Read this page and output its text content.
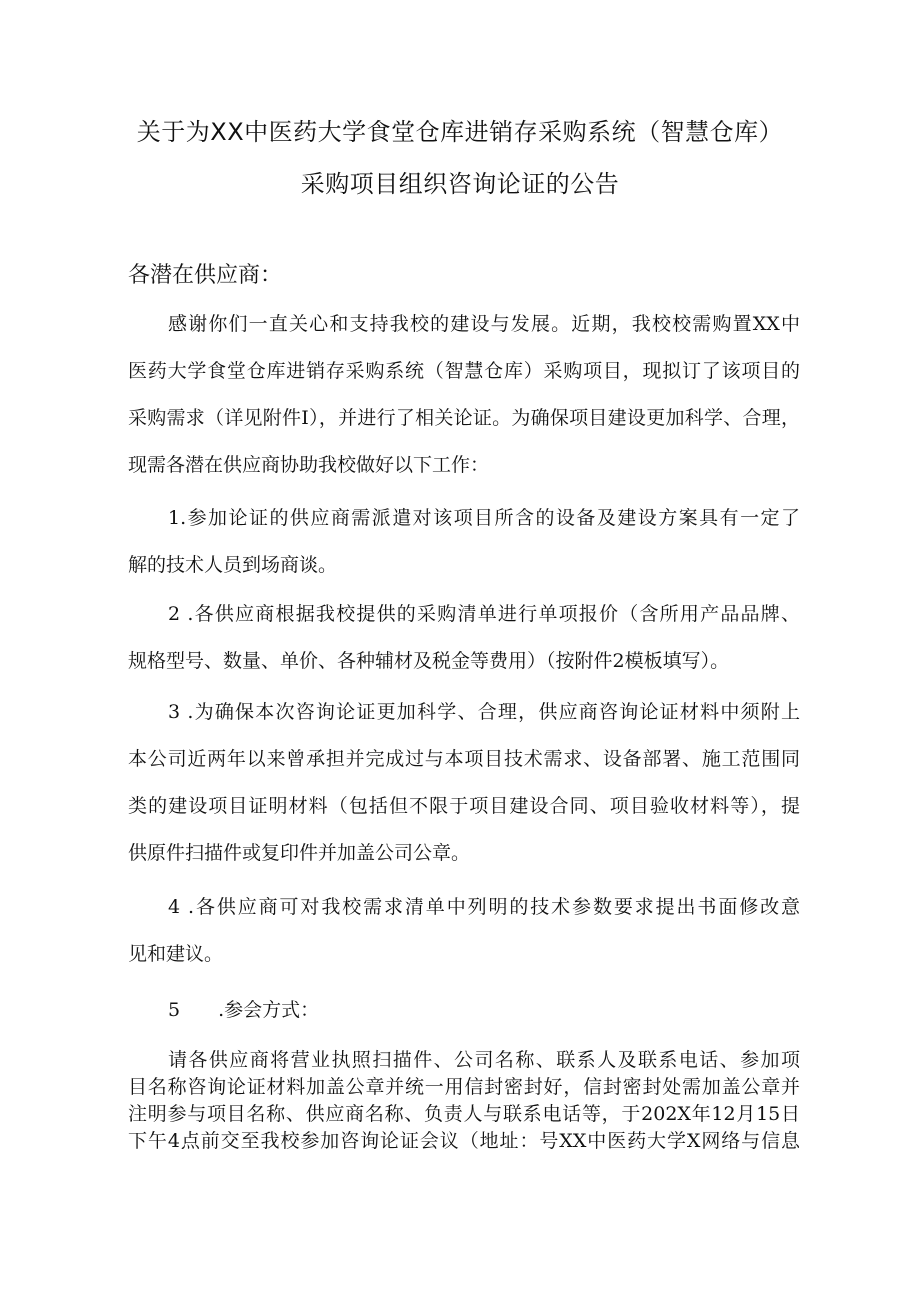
关于为XX中医药大学食堂仓库进销存采购系统（智慧仓库）
采购项目组织咨询论证的公告
各潜在供应商：
感谢你们一直关心和支持我校的建设与发展。近期，我校校需购置XX中
医药大学食堂仓库进销存采购系统（智慧仓库）采购项目，现拟订了该项目的
采购需求（详见附件I），并进行了相关论证。为确保项目建设更加科学、合理，
现需各潜在供应商协助我校做好以下工作：
1.参加论证的供应商需派遣对该项目所含的设备及建设方案具有一定了
解的技术人员到场商谈。
2 .各供应商根据我校提供的采购清单进行单项报价（含所用产品品牌、
规格型号、数量、单价、各种辅材及税金等费用）（按附件2模板填写）。
3 .为确保本次咨询论证更加科学、合理，供应商咨询论证材料中须附上
本公司近两年以来曾承担并完成过与本项目技术需求、设备部署、施工范围同
类的建设项目证明材料（包括但不限于项目建设合同、项目验收材料等），提
供原件扫描件或复印件并加盖公司公章。
4 .各供应商可对我校需求清单中列明的技术参数要求提出书面修改意
见和建议。
5　　.参会方式：
请各供应商将营业执照扫描件、公司名称、联系人及联系电话、参加项
目名称咨询论证材料加盖公章并统一用信封密封好，信封密封处需加盖公章并
注明参与项目名称、供应商名称、负责人与联系电话等，于202X年12月15日
下午4点前交至我校参加咨询论证会议（地址：号XX中医药大学X网络与信息
